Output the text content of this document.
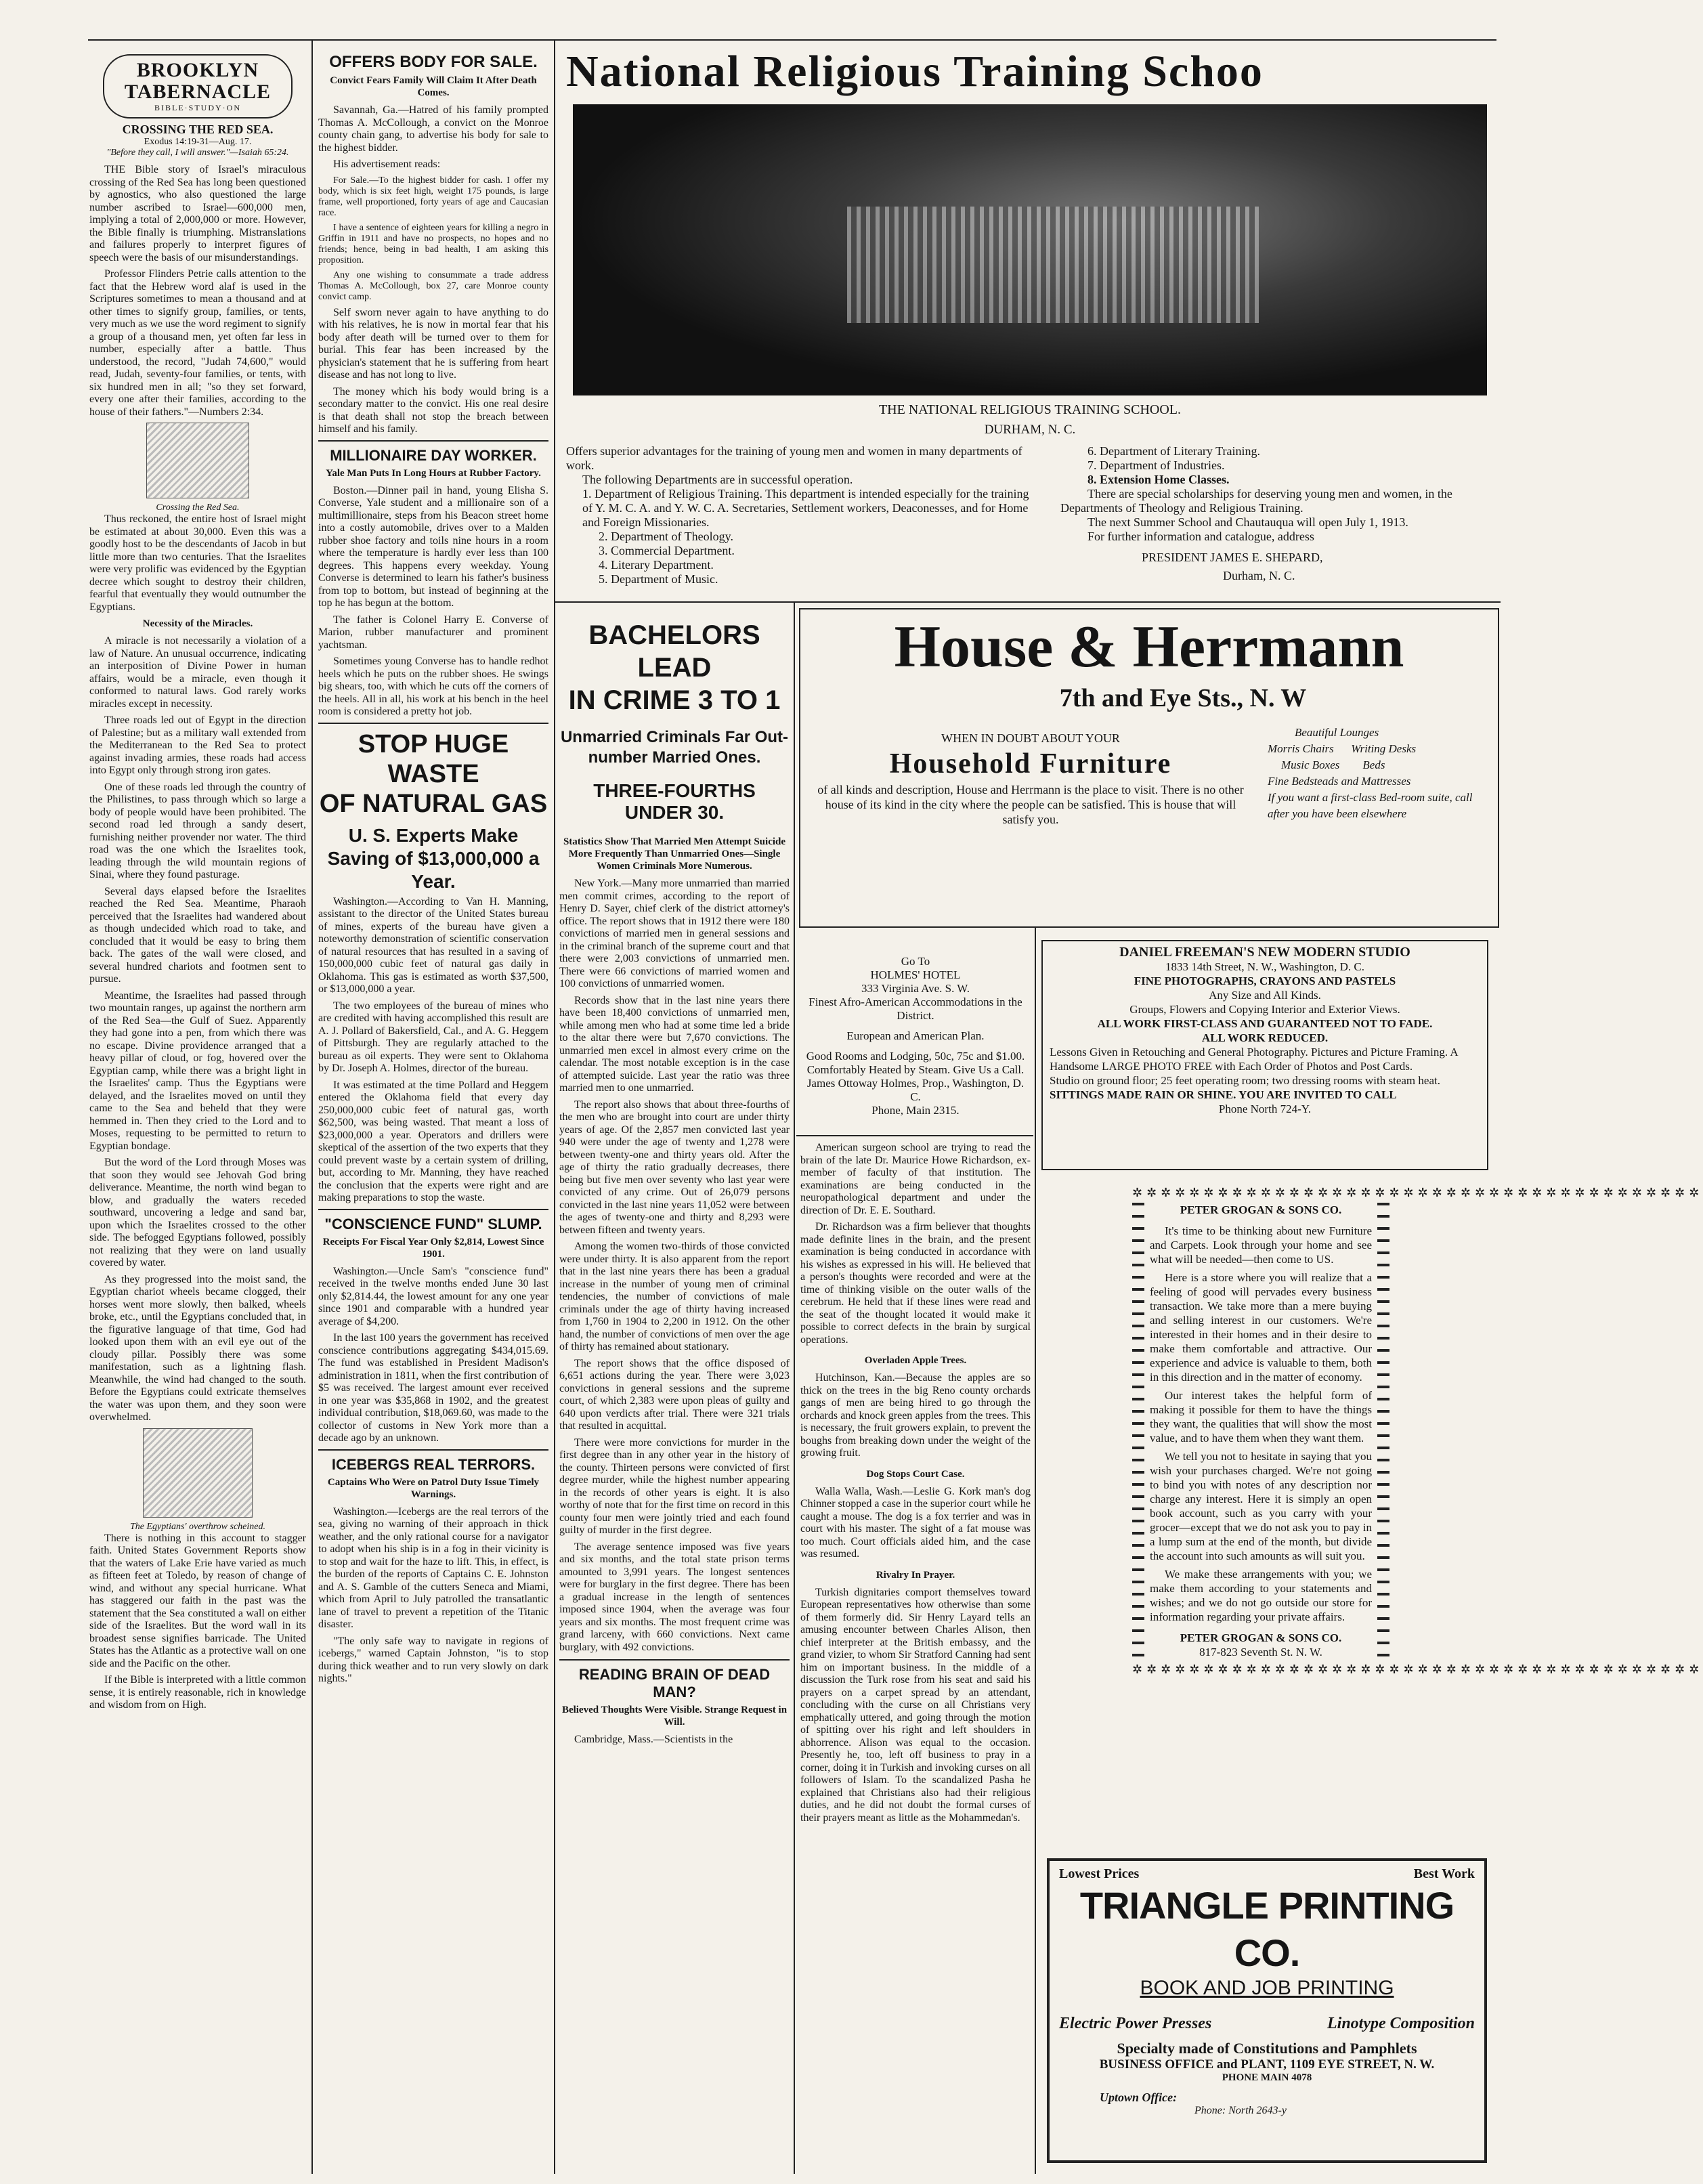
BROOKLYN TABERNACLE
BIBLE·STUDY·ON
CROSSING THE RED SEA.
Exodus 14:19-31—Aug. 17.
"Before they call, I will answer."—Isaiah 65:24.

THE Bible story of Israel's miraculous crossing of the Red Sea has long been questioned by agnostics, who also questioned the large number ascribed to Israel—600,000 men, implying a total of 2,000,000 or more. However, the Bible finally is triumphing. Mistranslations and failures properly to interpret figures of speech were the basis of our misunderstandings.

Professor Flinders Petrie calls attention to the fact that the Hebrew word alaf is used in the Scriptures sometimes to mean a thousand and at other times to signify group, families, or tents, very much as we use the word regiment to signify a group of a thousand men, yet often far less in number, especially after a battle. Thus understood, the record, "Judah 74,600," would read, Judah, seventy-four families, or tents, with six hundred men in all; "so they set forward, every one after their families, according to the house of their fathers."—Numbers 2:34.

Crossing the Red Sea.

Thus reckoned, the entire host of Israel might be estimated at about 30,000. Even this was a goodly host to be the descendants of Jacob in but little more than two centuries. That the Israelites were very prolific was evidenced by the Egyptian decree which sought to destroy their children, fearful that eventually they would outnumber the Egyptians.

Necessity of the Miracles.

A miracle is not necessarily a violation of a law of Nature. An unusual occurrence, indicating an interposition of Divine Power in human affairs, would be a miracle, even though it conformed to natural laws. God rarely works miracles except in necessity.

Three roads led out of Egypt in the direction of Palestine; but as a military wall extended from the Mediterranean to the Red Sea to protect against invading armies, these roads had access into Egypt only through strong iron gates.

One of these roads led through the country of the Philistines, to pass through which so large a body of people would have been prohibited. The second road led through a sandy desert, furnishing neither provender nor water. The third road was the one which the Israelites took, leading through the wild mountain regions of Sinai, where they found pasturage.

Several days elapsed before the Israelites reached the Red Sea. Meantime, Pharaoh perceived that the Israelites had wandered about as though undecided which road to take, and concluded that it would be easy to bring them back. The gates of the wall were closed, and several hundred chariots and footmen sent to pursue.

Meantime, the Israelites had passed through two mountain ranges, up against the northern arm of the Red Sea—the Gulf of Suez. Apparently they had gone into a pen, from which there was no escape. Divine providence arranged that a heavy pillar of cloud, or fog, hovered over the Egyptian camp, while there was a bright light in the Israelites' camp. Thus the Egyptians were delayed, and the Israelites moved on until they came to the Sea and beheld that they were hemmed in. Then they cried to the Lord and to Moses, requesting to be permitted to return to Egyptian bondage.

But the word of the Lord through Moses was that soon they would see Jehovah God bring deliverance. Meantime, the north wind began to blow, and gradually the waters receded southward, uncovering a ledge and sand bar, upon which the Israelites crossed to the other side. The befogged Egyptians followed, possibly not realizing that they were on land usually covered by water.

As they progressed into the moist sand, the Egyptian chariot wheels became clogged, their horses went more slowly, then balked, wheels broke, etc., until the Egyptians concluded that, in the figurative language of that time, God had looked upon them with an evil eye out of the cloudy pillar. Possibly there was some manifestation, such as a lightning flash. Meanwhile, the wind had changed to the south. Before the Egyptians could extricate themselves the water was upon them, and they soon were overwhelmed.

The Egyptians' overthrow scheined.

There is nothing in this account to stagger faith. United States Government Reports show that the waters of Lake Erie have varied as much as fifteen feet at Toledo, by reason of change of wind, and without any special hurricane. What has staggered our faith in the past was the statement that the Sea constituted a wall on either side of the Israelites. But the word wall in its broadest sense signifies barricade. The United States has the Atlantic as a protective wall on one side and the Pacific on the other.

If the Bible is interpreted with a little common sense, it is entirely reasonable, rich in knowledge and wisdom from on High.

OFFERS BODY FOR SALE.
Convict Fears Family Will Claim It After Death Comes.

Savannah, Ga.—Hatred of his family prompted Thomas A. McCollough, a convict on the Monroe county chain gang, to advertise his body for sale to the highest bidder.

His advertisement reads:

For Sale.—To the highest bidder for cash. I offer my body, which is six feet high, weight 175 pounds, is large frame, well proportioned, forty years of age and Caucasian race.

I have a sentence of eighteen years for killing a negro in Griffin in 1911 and have no prospects, no hopes and no friends; hence, being in bad health, I am asking this proposition.

Any one wishing to consummate a trade address Thomas A. McCollough, box 27, care Monroe county convict camp.

Self sworn never again to have anything to do with his relatives, he is now in mortal fear that his body after death will be turned over to them for burial. This fear has been increased by the physician's statement that he is suffering from heart disease and has not long to live.

The money which his body would bring is a secondary matter to the convict. His one real desire is that death shall not stop the breach between himself and his family.

MILLIONAIRE DAY WORKER.
Yale Man Puts In Long Hours at Rubber Factory.

Boston.—Dinner pail in hand, young Elisha S. Converse, Yale student and a millionaire son of a multimillionaire, steps from his Beacon street home into a costly automobile, drives over to a Malden rubber shoe factory and toils nine hours in a room where the temperature is hardly ever less than 100 degrees. This happens every weekday. Young Converse is determined to learn his father's business from top to bottom, but instead of beginning at the top he has begun at the bottom.

The father is Colonel Harry E. Converse of Marion, rubber manufacturer and prominent yachtsman.

Sometimes young Converse has to handle redhot heels which he puts on the rubber shoes. He swings big shears, too, with which he cuts off the corners of the heels. All in all, his work at his bench in the heel room is considered a pretty hot job.

STOP HUGE WASTE
OF NATURAL GAS
U. S. Experts Make Saving of $13,000,000 a Year.

Washington.—According to Van H. Manning, assistant to the director of the United States bureau of mines, experts of the bureau have given a noteworthy demonstration of scientific conservation of natural resources that has resulted in a saving of 150,000,000 cubic feet of natural gas daily in Oklahoma. This gas is estimated as worth $37,500, or $13,000,000 a year.

The two employees of the bureau of mines who are credited with having accomplished this result are A. J. Pollard of Bakersfield, Cal., and A. G. Heggem of Pittsburgh. They are regularly attached to the bureau as oil experts. They were sent to Oklahoma by Dr. Joseph A. Holmes, director of the bureau.

It was estimated at the time Pollard and Heggem entered the Oklahoma field that every day 250,000,000 cubic feet of natural gas, worth $62,500, was being wasted. That meant a loss of $23,000,000 a year. Operators and drillers were skeptical of the assertion of the two experts that they could prevent waste by a certain system of drilling, but, according to Mr. Manning, they have reached the conclusion that the experts were right and are making preparations to stop the waste.

"CONSCIENCE FUND" SLUMP.
Receipts For Fiscal Year Only $2,814, Lowest Since 1901.

Washington.—Uncle Sam's "conscience fund" received in the twelve months ended June 30 last only $2,814.44, the lowest amount for any one year since 1901 and comparable with a hundred year average of $4,200.

In the last 100 years the government has received conscience contributions aggregating $434,015.69. The fund was established in President Madison's administration in 1811, when the first contribution of $5 was received. The largest amount ever received in one year was $35,868 in 1902, and the greatest individual contribution, $18,069.60, was made to the collector of customs in New York more than a decade ago by an unknown.

ICEBERGS REAL TERRORS.
Captains Who Were on Patrol Duty Issue Timely Warnings.

Washington.—Icebergs are the real terrors of the sea, giving no warning of their approach in thick weather, and the only rational course for a navigator to adopt when his ship is in a fog in their vicinity is to stop and wait for the haze to lift. This, in effect, is the burden of the reports of Captains C. E. Johnston and A. S. Gamble of the cutters Seneca and Miami, which from April to July patrolled the transatlantic lane of travel to prevent a repetition of the Titanic disaster.

"The only safe way to navigate in regions of icebergs," warned Captain Johnston, "is to stop during thick weather and to run very slowly on dark nights."

National Religious Training Schoo
THE NATIONAL RELIGIOUS TRAINING SCHOOL.
DURHAM, N. C.
Offers superior advantages for the training of young men and women in many departments of work.
The following Departments are in successful operation.
1. Department of Religious Training. This department is intended especially for the training of Y. M. C. A. and Y. W. C. A. Secretaries, Settlement workers, Deaconesses, and for Home and Foreign Missionaries.
2. Department of Theology.
3. Commercial Department.
4. Literary Department.
5. Department of Music.
6. Department of Literary Training.
7. Department of Industries.
8. Extension Home Classes.
There are special scholarships for deserving young men and women, in the Departments of Theology and Religious Training.
The next Summer School and Chautauqua will open July 1, 1913.
For further information and catalogue, address
PRESIDENT JAMES E. SHEPARD,
Durham, N. C.
BACHELORS LEAD
IN CRIME 3 TO 1
Unmarried Criminals Far Out-
number Married Ones.
THREE-FOURTHS UNDER 30.
Statistics Show That Married Men Attempt Suicide More Frequently Than Unmarried Ones—Single Women Criminals More Numerous.

New York.—Many more unmarried than married men commit crimes, according to the report of Henry D. Sayer, chief clerk of the district attorney's office. The report shows that in 1912 there were 180 convictions of married men in general sessions and in the criminal branch of the supreme court and that there were 2,003 convictions of unmarried men. There were 66 convictions of married women and 100 convictions of unmarried women.

Records show that in the last nine years there have been 18,400 convictions of unmarried men, while among men who had at some time led a bride to the altar there were but 7,670 convictions. The unmarried men excel in almost every crime on the calendar. The most notable exception is in the case of attempted suicide. Last year the ratio was three married men to one unmarried.

The report also shows that about three-fourths of the men who are brought into court are under thirty years of age. Of the 2,857 men convicted last year 940 were under the age of twenty and 1,278 were between twenty-one and thirty years old. After the age of thirty the ratio gradually decreases, there being but five men over seventy who last year were convicted of any crime. Out of 26,079 persons convicted in the last nine years 11,052 were between the ages of twenty-one and thirty and 8,293 were between fifteen and twenty years.

Among the women two-thirds of those convicted were under thirty. It is also apparent from the report that in the last nine years there has been a gradual increase in the number of young men of criminal tendencies, the number of convictions of male criminals under the age of thirty having increased from 1,760 in 1904 to 2,200 in 1912. On the other hand, the number of convictions of men over the age of thirty has remained about stationary.

The report shows that the office disposed of 6,651 actions during the year. There were 3,023 convictions in general sessions and the supreme court, of which 2,383 were upon pleas of guilty and 640 upon verdicts after trial. There were 321 trials that resulted in acquittal.

There were more convictions for murder in the first degree than in any other year in the history of the county. Thirteen persons were convicted of first degree murder, while the highest number appearing in the records of other years is eight. It is also worthy of note that for the first time on record in this county four men were jointly tried and each found guilty of murder in the first degree.

The average sentence imposed was five years and six months, and the total state prison terms amounted to 3,991 years. The longest sentences were for burglary in the first degree. There has been a gradual increase in the length of sentences imposed since 1904, when the average was four years and six months. The most frequent crime was grand larceny, with 660 convictions. Next came burglary, with 492 convictions.

READING BRAIN OF DEAD MAN?
Believed Thoughts Were Visible. Strange Request in Will.

Cambridge, Mass.—Scientists in the

House & Herrmann
7th and Eye Sts., N. W
WHEN IN DOUBT ABOUT YOUR
Household Furniture
of all kinds and description, House and Herrmann is the place to visit. There is no other house of its kind in the city where the people can be satisfied. This is house that will satisfy you.
Beautiful Lounges
Morris Chairs      Writing Desks
Music Boxes        Beds
Fine Bedsteads and Mattresses
If you want a first-class Bed-room suite, call after you have been elsewhere
Go To
HOLMES' HOTEL
333 Virginia Ave. S. W.
Finest Afro-American Accommodations in the District.
European and American Plan.
Good Rooms and Lodging, 50c, 75c and $1.00. Comfortably Heated by Steam. Give Us a Call.
James Ottoway Holmes, Prop., Washington, D. C.
Phone, Main 2315.

American surgeon school are trying to read the brain of the late Dr. Maurice Howe Richardson, ex-member of faculty of that institution. The examinations are being conducted in the neuropathological department and under the direction of Dr. E. E. Southard.

Dr. Richardson was a firm believer that thoughts made definite lines in the brain, and the present examination is being conducted in accordance with his wishes as expressed in his will. He believed that a person's thoughts were recorded and were at the time of thinking visible on the outer walls of the cerebrum. He held that if these lines were read and the seat of the thought located it would make it possible to correct defects in the brain by surgical operations.

Overladen Apple Trees.

Hutchinson, Kan.—Because the apples are so thick on the trees in the big Reno county orchards gangs of men are being hired to go through the orchards and knock green apples from the trees. This is necessary, the fruit growers explain, to prevent the boughs from breaking down under the weight of the growing fruit.

Dog Stops Court Case.

Walla Walla, Wash.—Leslie G. Kork man's dog Chinner stopped a case in the superior court while he caught a mouse. The dog is a fox terrier and was in court with his master. The sight of a fat mouse was too much. Court officials aided him, and the case was resumed.

Rivalry In Prayer.

Turkish dignitaries comport themselves toward European representatives how otherwise than some of them formerly did. Sir Henry Layard tells an amusing encounter between Charles Alison, then chief interpreter at the British embassy, and the grand vizier, to whom Sir Stratford Canning had sent him on important business. In the middle of a discussion the Turk rose from his seat and said his prayers on a carpet spread by an attendant, concluding with the curse on all Christians very emphatically uttered, and going through the motion of spitting over his right and left shoulders in abhorrence. Alison was equal to the occasion. Presently he, too, left off business to pray in a corner, doing it in Turkish and invoking curses on all followers of Islam. To the scandalized Pasha he explained that Christians also had their religious duties, and he did not doubt the formal curses of their prayers meant as little as the Mohammedan's.

DANIEL FREEMAN'S NEW MODERN STUDIO
1833 14th Street, N. W., Washington, D. C.
FINE PHOTOGRAPHS, CRAYONS AND PASTELS
Any Size and All Kinds.
Groups, Flowers and Copying Interior and Exterior Views.
ALL WORK FIRST-CLASS AND GUARANTEED NOT TO FADE.
ALL WORK REDUCED.
Lessons Given in Retouching and General Photography. Pictures and Picture Framing. A Handsome LARGE PHOTO FREE with Each Order of Photos and Post Cards.
Studio on ground floor; 25 feet operating room; two dressing rooms with steam heat.
SITTINGS MADE RAIN OR SHINE. YOU ARE INVITED TO CALL
Phone North 724-Y.
✲✲✲✲✲✲✲✲✲✲✲✲✲✲✲✲✲✲✲✲✲✲✲✲✲✲✲✲✲✲✲✲✲✲✲✲✲✲✲✲
PETER GROGAN & SONS CO.

It's time to be thinking about new Furniture and Carpets. Look through your home and see what will be needed—then come to US.

Here is a store where you will realize that a feeling of good will pervades every business transaction. We take more than a mere buying and selling interest in our customers. We're interested in their homes and in their desire to make them comfortable and attractive. Our experience and advice is valuable to them, both in this direction and in the matter of economy.

Our interest takes the helpful form of making it possible for them to have the things they want, the qualities that will show the most value, and to have them when they want them.

We tell you not to hesitate in saying that you wish your purchases charged. We're not going to bind you with notes of any description nor charge any interest. Here it is simply an open book account, such as you carry with your grocer—except that we do not ask you to pay in a lump sum at the end of the month, but divide the account into such amounts as will suit you.

We make these arrangements with you; we make them according to your statements and wishes; and we do not go outside our store for information regarding your private affairs.

PETER GROGAN & SONS CO.
817-823 Seventh St. N. W.
✲✲✲✲✲✲✲✲✲✲✲✲✲✲✲✲✲✲✲✲✲✲✲✲✲✲✲✲✲✲✲✲✲✲✲✲✲✲✲✲
Lowest Prices	Best Work
TRIANGLE PRINTING CO.
BOOK AND JOB PRINTING
Electric Power Presses	Linotype Composition
Specialty made of Constitutions and Pamphlets
BUSINESS OFFICE and PLANT, 1109 EYE STREET, N. W.
PHONE MAIN 4078
Uptown Office:
Phone: North 2643-y
